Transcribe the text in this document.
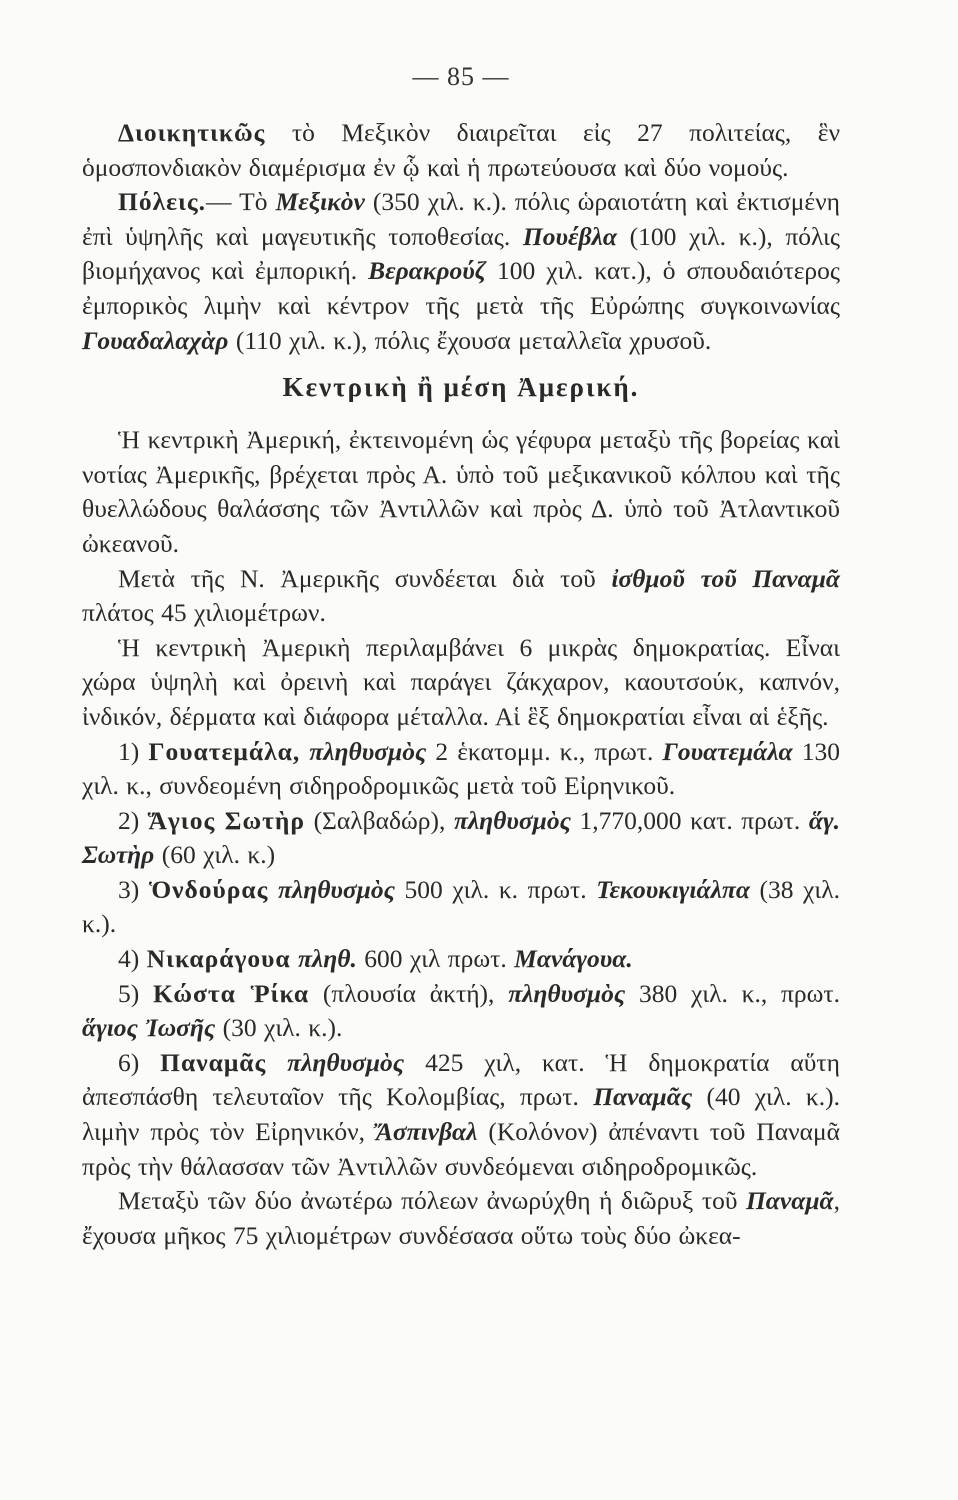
— 85 —

Διοικητικῶς τὸ Μεξικὸν διαιρεῖται εἰς 27 πολιτείας, ἓν ὁμοσπονδιακὸν διαμέρισμα ἐν ᾧ καὶ ἡ πρωτεύουσα καὶ δύο νομούς.

Πόλεις.— Τὸ Μεξικὸν (350 χιλ. κ.). πόλις ὡραιοτάτη καὶ ἐκτισμένη ἐπὶ ὑψηλῆς καὶ μαγευτικῆς τοποθεσίας. Πουέβλα (100 χιλ. κ.), πόλις βιομήχανος καὶ ἐμπορική. Βερακρούζ 100 χιλ. κατ.), ὁ σπουδαιότερος ἐμπορικὸς λιμὴν καὶ κέντρον τῆς μετὰ τῆς Εὐρώπης συγκοινωνίας Γουαδαλαχὰρ (110 χιλ. κ.), πόλις ἔχουσα μεταλλεῖα χρυσοῦ.

Κεντρικὴ ἢ μέση Ἀμερική.

Ἡ κεντρικὴ Ἀμερική, ἐκτεινομένη ὡς γέφυρα μεταξὺ τῆς βορείας καὶ νοτίας Ἀμερικῆς, βρέχεται πρὸς Α. ὑπὸ τοῦ μεξικανικοῦ κόλπου καὶ τῆς θυελλώδους θαλάσσης τῶν Ἀντιλλῶν καὶ πρὸς Δ. ὑπὸ τοῦ Ἀτλαντικοῦ ὠκεανοῦ.

Μετὰ τῆς Ν. Ἀμερικῆς συνδέεται διὰ τοῦ ἰσθμοῦ τοῦ Παναμᾶ πλάτος 45 χιλιομέτρων.

Ἡ κεντρικὴ Ἀμερικὴ περιλαμβάνει 6 μικρὰς δημοκρατίας. Εἶναι χώρα ὑψηλὴ καὶ ὀρεινὴ καὶ παράγει ζάκχαρον, καουτσούκ, καπνόν, ἰνδικόν, δέρματα καὶ διάφορα μέταλλα. Αἱ ἓξ δημοκρατίαι εἶναι αἱ ἑξῆς.

1) Γουατεμάλα, πληθυσμὸς 2 ἑκατομμ. κ., πρωτ. Γουατεμάλα 130 χιλ. κ., συνδεομένη σιδηροδρομικῶς μετὰ τοῦ Εἰρηνικοῦ.

2) Ἅγιος Σωτὴρ (Σαλβαδώρ), πληθυσμὸς 1,770,000 κατ. πρωτ. ἅγ. Σωτὴρ (60 χιλ. κ.)

3) Ὁνδούρας πληθυσμὸς 500 χιλ. κ. πρωτ. Τεκουκιγιάλπα (38 χιλ. κ.).

4) Νικαράγουα πληθ. 600 χιλ πρωτ. Μανάγουα.

5) Κώστα Ῥίκα (πλουσία ἀκτή), πληθυσμὸς 380 χιλ. κ., πρωτ. ἅγιος Ἰωσῆς (30 χιλ. κ.).

6) Παναμᾶς πληθυσμὸς 425 χιλ, κατ. Ἡ δημοκρατία αὕτη ἀπεσπάσθη τελευταῖον τῆς Κολομβίας, πρωτ. Παναμᾶς (40 χιλ. κ.). λιμὴν πρὸς τὸν Εἰρηνικόν, Ἄσπινβαλ (Κολόνον) ἀπέναντι τοῦ Παναμᾶ πρὸς τὴν θάλασσαν τῶν Ἀντιλλῶν συνδεόμεναι σιδηροδρομικῶς.

Μεταξὺ τῶν δύο ἀνωτέρω πόλεων ἀνωρύχθη ἡ διῶρυξ τοῦ Παναμᾶ, ἔχουσα μῆκος 75 χιλιομέτρων συνδέσασα οὕτω τοὺς δύο ὠκεα-
